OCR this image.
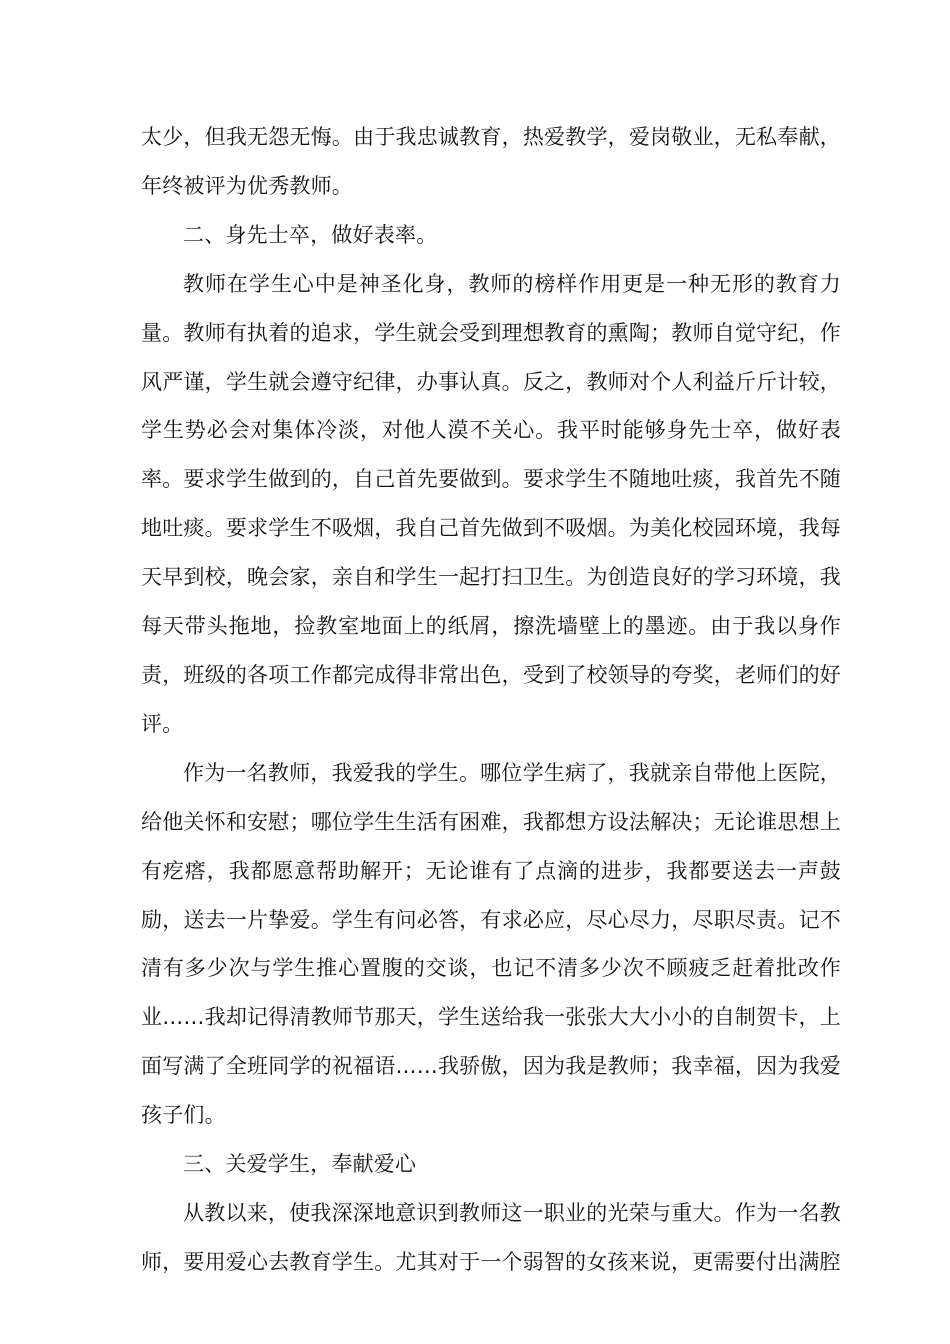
太少，但我无怨无悔。由于我忠诚教育，热爱教学，爱岗敬业，无私奉献，年终被评为优秀教师。

二、身先士卒，做好表率。

教师在学生心中是神圣化身，教师的榜样作用更是一种无形的教育力量。教师有执着的追求，学生就会受到理想教育的熏陶；教师自觉守纪，作风严谨，学生就会遵守纪律，办事认真。反之，教师对个人利益斤斤计较，学生势必会对集体冷淡，对他人漠不关心。我平时能够身先士卒，做好表率。要求学生做到的，自己首先要做到。要求学生不随地吐痰，我首先不随地吐痰。要求学生不吸烟，我自己首先做到不吸烟。为美化校园环境，我每天早到校，晚会家，亲自和学生一起打扫卫生。为创造良好的学习环境，我每天带头拖地，捡教室地面上的纸屑，擦洗墙壁上的墨迹。由于我以身作责，班级的各项工作都完成得非常出色，受到了校领导的夸奖，老师们的好评。

作为一名教师，我爱我的学生。哪位学生病了，我就亲自带他上医院，给他关怀和安慰；哪位学生生活有困难，我都想方设法解决；无论谁思想上有疙瘩，我都愿意帮助解开；无论谁有了点滴的进步，我都要送去一声鼓励，送去一片挚爱。学生有问必答，有求必应，尽心尽力，尽职尽责。记不清有多少次与学生推心置腹的交谈，也记不清多少次不顾疲乏赶着批改作业……我却记得清教师节那天，学生送给我一张张大大小小的自制贺卡，上面写满了全班同学的祝福语……我骄傲，因为我是教师；我幸福，因为我爱孩子们。

三、关爱学生，奉献爱心

从教以来，使我深深地意识到教师这一职业的光荣与重大。作为一名教师，要用爱心去教育学生。尤其对于一个弱智的女孩来说，更需要付出满腔
